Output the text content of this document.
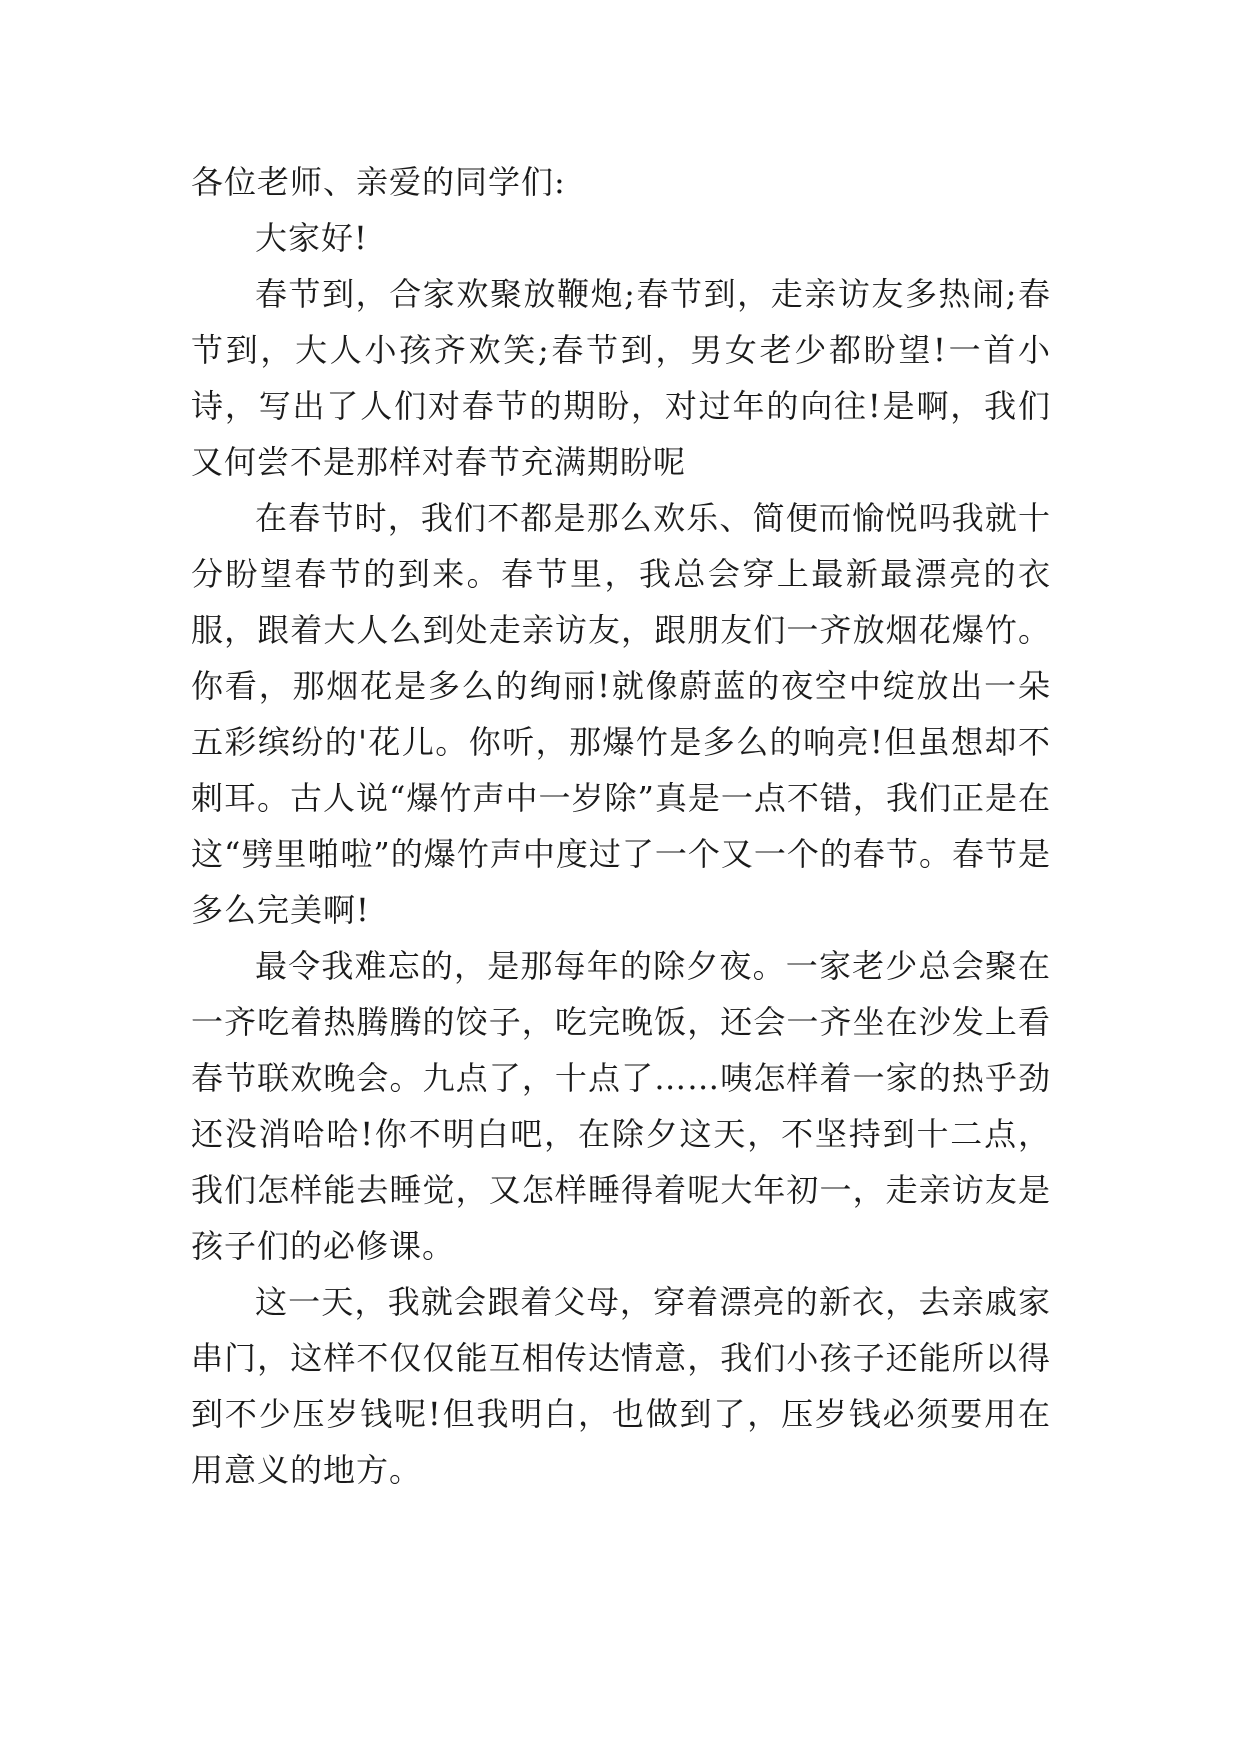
各位老师、亲爱的同学们:

大家好!

春节到，合家欢聚放鞭炮;春节到，走亲访友多热闹;春节到，大人小孩齐欢笑;春节到，男女老少都盼望!一首小诗，写出了人们对春节的期盼，对过年的向往!是啊，我们又何尝不是那样对春节充满期盼呢

在春节时，我们不都是那么欢乐、简便而愉悦吗我就十分盼望春节的到来。春节里，我总会穿上最新最漂亮的衣服，跟着大人么到处走亲访友，跟朋友们一齐放烟花爆竹。你看，那烟花是多么的绚丽!就像蔚蓝的夜空中绽放出一朵五彩缤纷的'花儿。你听，那爆竹是多么的响亮!但虽想却不刺耳。古人说“爆竹声中一岁除”真是一点不错，我们正是在这“劈里啪啦”的爆竹声中度过了一个又一个的春节。春节是多么完美啊!

最令我难忘的，是那每年的除夕夜。一家老少总会聚在一齐吃着热腾腾的饺子，吃完晚饭，还会一齐坐在沙发上看春节联欢晚会。九点了，十点了……咦怎样着一家的热乎劲还没消哈哈!你不明白吧，在除夕这天，不坚持到十二点，我们怎样能去睡觉，又怎样睡得着呢大年初一，走亲访友是孩子们的必修课。

这一天，我就会跟着父母，穿着漂亮的新衣，去亲戚家串门，这样不仅仅能互相传达情意，我们小孩子还能所以得到不少压岁钱呢!但我明白，也做到了，压岁钱必须要用在用意义的地方。
